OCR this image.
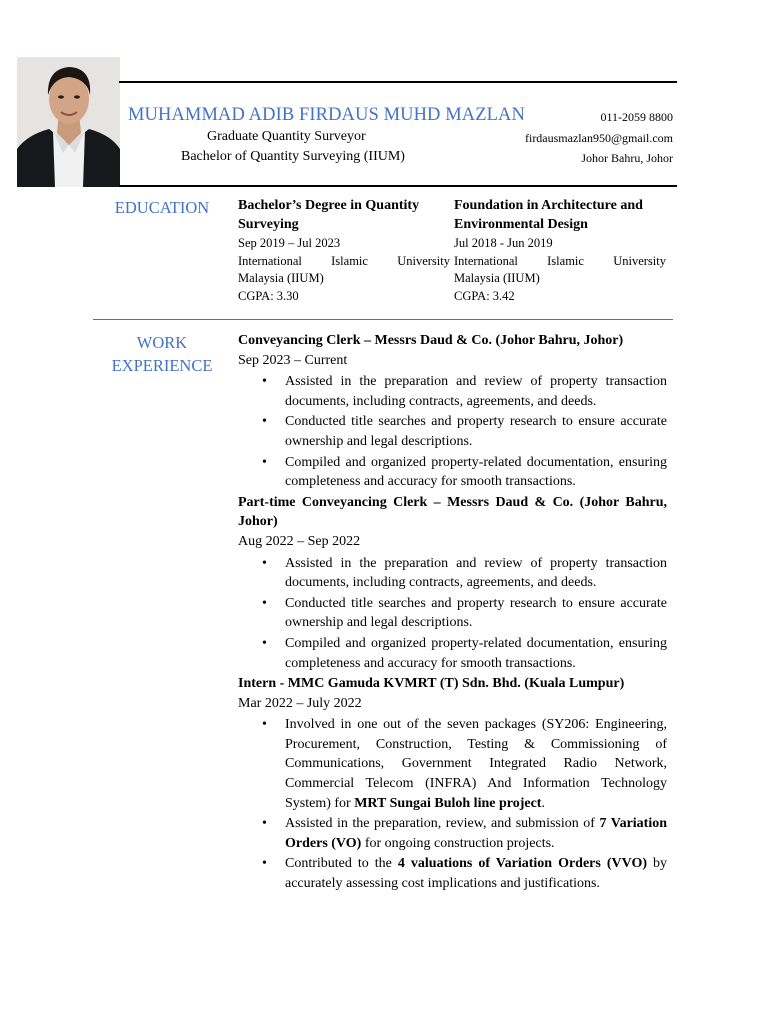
MUHAMMAD ADIB FIRDAUS MUHD MAZLAN
Graduate Quantity Surveyor
Bachelor of Quantity Surveying (IIUM)
011-2059 8800
firdausmazlan950@gmail.com
Johor Bahru, Johor
EDUCATION	Bachelor’s Degree in Quantity Surveying
Sep 2019 – Jul 2023
International Islamic University
Malaysia (IIUM)
CGPA: 3.30
Foundation in Architecture and Environmental Design
Jul 2018 - Jun 2019
International Islamic University
Malaysia (IIUM)
CGPA: 3.42
WORK EXPERIENCE
Conveyancing Clerk – Messrs Daud & Co. (Johor Bahru, Johor)
Sep 2023 – Current
• Assisted in the preparation and review of property transaction documents, including contracts, agreements, and deeds.
• Conducted title searches and property research to ensure accurate ownership and legal descriptions.
• Compiled and organized property-related documentation, ensuring completeness and accuracy for smooth transactions.
Part-time Conveyancing Clerk – Messrs Daud & Co. (Johor Bahru, Johor)
Aug 2022 – Sep 2022
• Assisted in the preparation and review of property transaction documents, including contracts, agreements, and deeds.
• Conducted title searches and property research to ensure accurate ownership and legal descriptions.
• Compiled and organized property-related documentation, ensuring completeness and accuracy for smooth transactions.
Intern - MMC Gamuda KVMRT (T) Sdn. Bhd. (Kuala Lumpur)
Mar 2022 – July 2022
• Involved in one out of the seven packages (SY206: Engineering, Procurement, Construction, Testing & Commissioning of Communications, Government Integrated Radio Network, Commercial Telecom (INFRA) And Information Technology System) for MRT Sungai Buloh line project.
• Assisted in the preparation, review, and submission of 7 Variation Orders (VO) for ongoing construction projects.
• Contributed to the 4 valuations of Variation Orders (VVO) by accurately assessing cost implications and justifications.
